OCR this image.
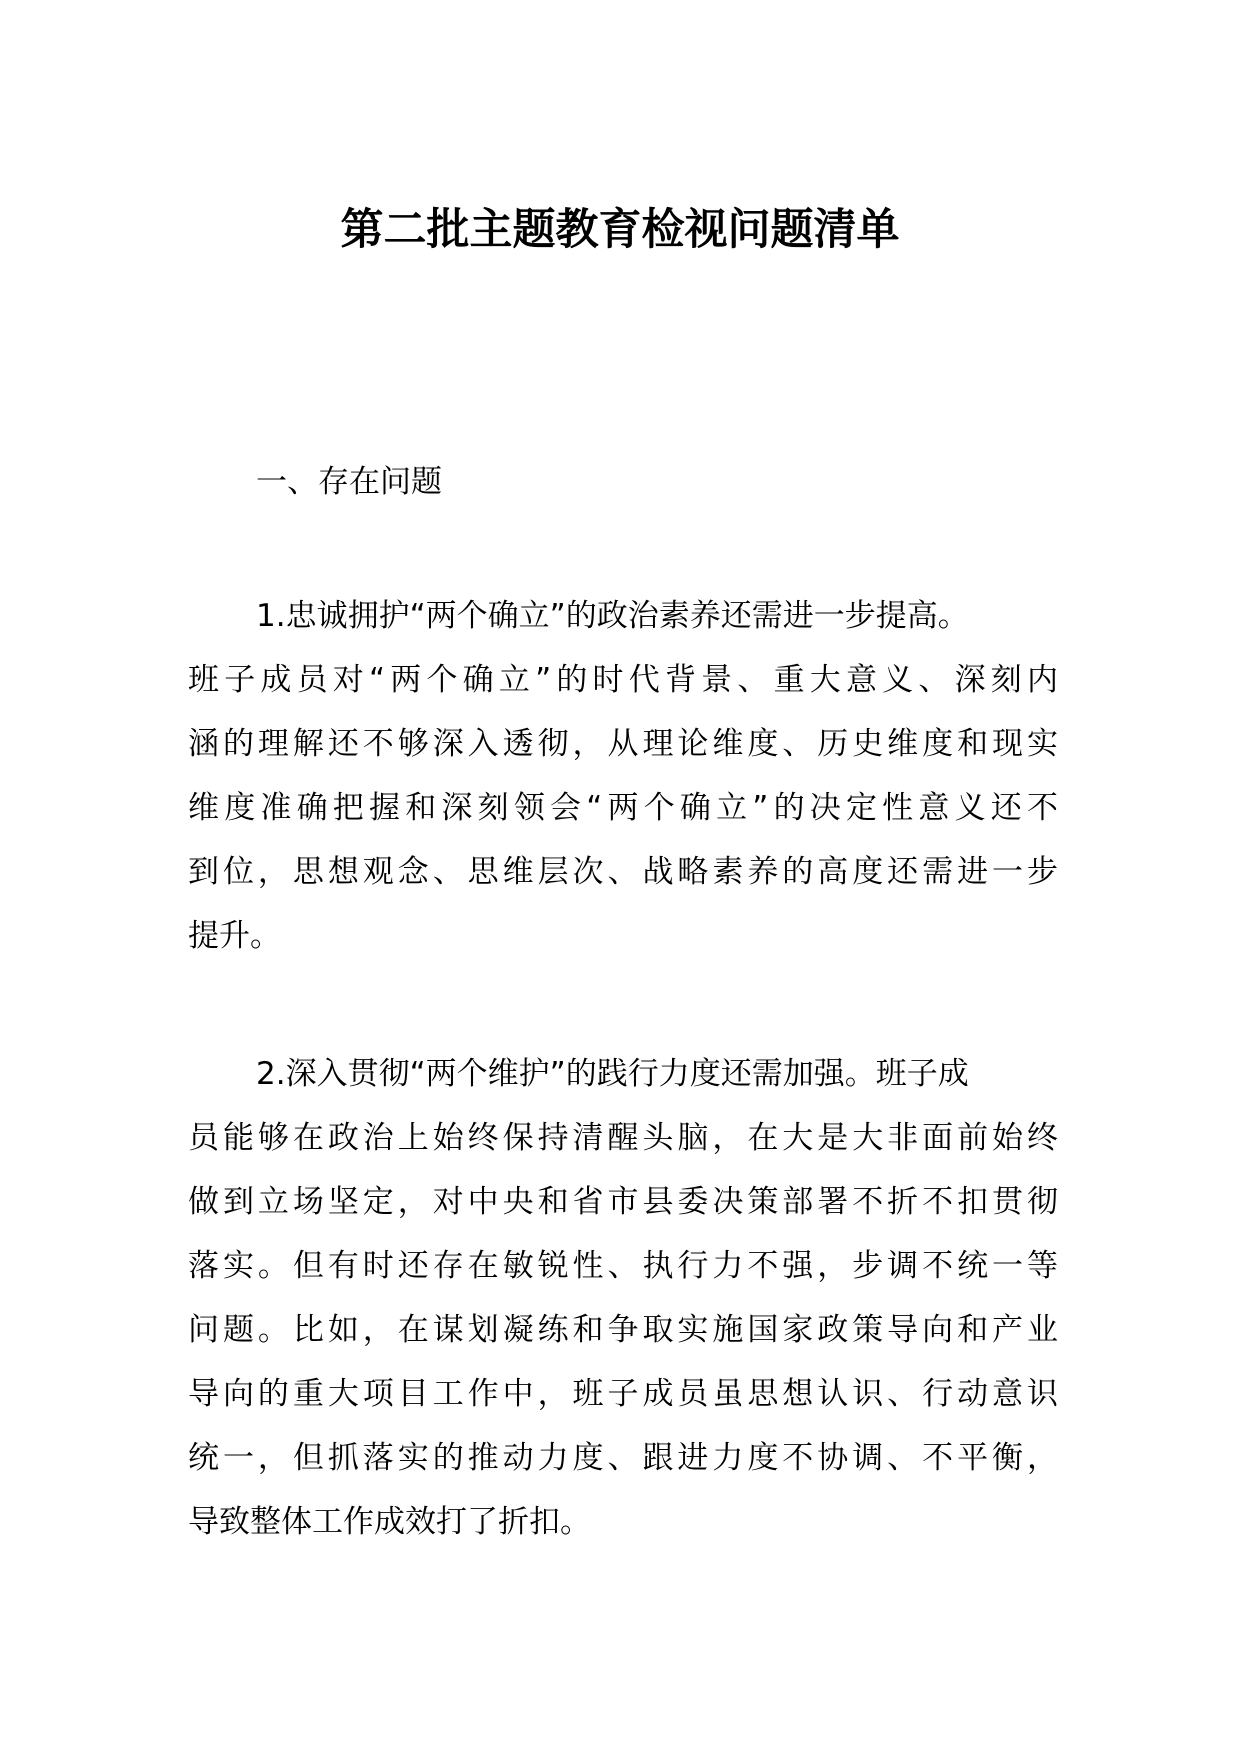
第二批主题教育检视问题清单
一、存在问题
1.忠诚拥护“两个确立”的政治素养还需进一步提高。
班子成员对“两个确立”的时代背景、重大意义、深刻内
涵的理解还不够深入透彻，从理论维度、历史维度和现实
维度准确把握和深刻领会“两个确立”的决定性意义还不
到位，思想观念、思维层次、战略素养的高度还需进一步
提升。
2.深入贯彻“两个维护”的践行力度还需加强。班子成
员能够在政治上始终保持清醒头脑，在大是大非面前始终
做到立场坚定，对中央和省市县委决策部署不折不扣贯彻
落实。但有时还存在敏锐性、执行力不强，步调不统一等
问题。比如，在谋划凝练和争取实施国家政策导向和产业
导向的重大项目工作中，班子成员虽思想认识、行动意识
统一，但抓落实的推动力度、跟进力度不协调、不平衡，
导致整体工作成效打了折扣。
